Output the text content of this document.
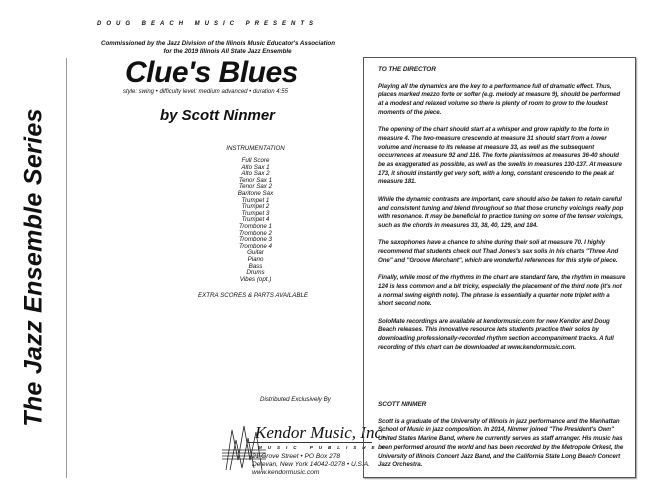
The Jazz Ensemble Series
DOUG BEACH MUSIC PRESENTS
Commissioned by the Jazz Division of the Illinois Music Educator's Association
for the 2019 Illinois All State Jazz Ensemble
Clue's Blues
style: swing • difficulty level: medium advanced • duration 4:55
by Scott Ninmer
INSTRUMENTATION
Full Score
Alto Sax 1
Alto Sax 2
Tenor Sax 1
Tenor Sax 2
Baritone Sax
Trumpet 1
Trumpet 2
Trumpet 3
Trumpet 4
Trombone 1
Trombone 2
Trombone 3
Trombone 4
Guitar
Piano
Bass
Drums
Vibes (opt.)
EXTRA SCORES & PARTS AVAILABLE
Distributed Exclusively By
Kendor Music, Inc.
MUSIC PUBLISHER
21 Grove Street • PO Box 278
Delevan, New York 14042-0278 • U.S.A.
www.kendormusic.com
TO THE DIRECTOR

Playing all the dynamics are the key to a performance full of dramatic effect. Thus, places marked mezzo forte or softer (e.g. melody at measure 9), should be performed at a modest and relaxed volume so there is plenty of room to grow to the loudest moments of the piece.

The opening of the chart should start at a whisper and grow rapidly to the forte in measure 4. The two-measure crescendo at measure 31 should start from a lower volume and increase to its release at measure 33, as well as the subsequent occurrences at measure 92 and 116. The forte pianissimos at measures 36-40 should be as exaggerated as possible, as well as the swells in measures 130-137. At measure 173, it should instantly get very soft, with a long, constant crescendo to the peak at measure 181.

While the dynamic contrasts are important, care should also be taken to retain careful and consistent tuning and blend throughout so that those crunchy voicings really pop with resonance. It may be beneficial to practice tuning on some of the tenser voicings, such as the chords in measures 33, 38, 40, 129, and 184.

The saxophones have a chance to shine during their soli at measure 70. I highly recommend that students check out Thad Jones's sax solis in his charts "Three And One" and "Groove Merchant", which are wonderful references for this style of piece.

Finally, while most of the rhythms in the chart are standard fare, the rhythm in measure 124 is less common and a bit tricky, especially the placement of the third note (it's not a normal swing eighth note). The phrase is essentially a quarter note triplet with a short second note.

SoloMate recordings are available at kendormusic.com for new Kendor and Doug Beach releases. This innovative resource lets students practice their solos by downloading professionally-recorded rhythm section accompaniment tracks. A full recording of this chart can be downloaded at www.kendormusic.com.

SCOTT NINMER
Scott is a graduate of the University of Illinois in jazz performance and the Manhattan School of Music in jazz composition. In 2014, Ninmer joined "The President's Own" United States Marine Band, where he currently serves as staff arranger. His music has been performed around the world and has been recorded by the Metropole Orkest, the University of Illinois Concert Jazz Band, and the California State Long Beach Concert Jazz Orchestra.
